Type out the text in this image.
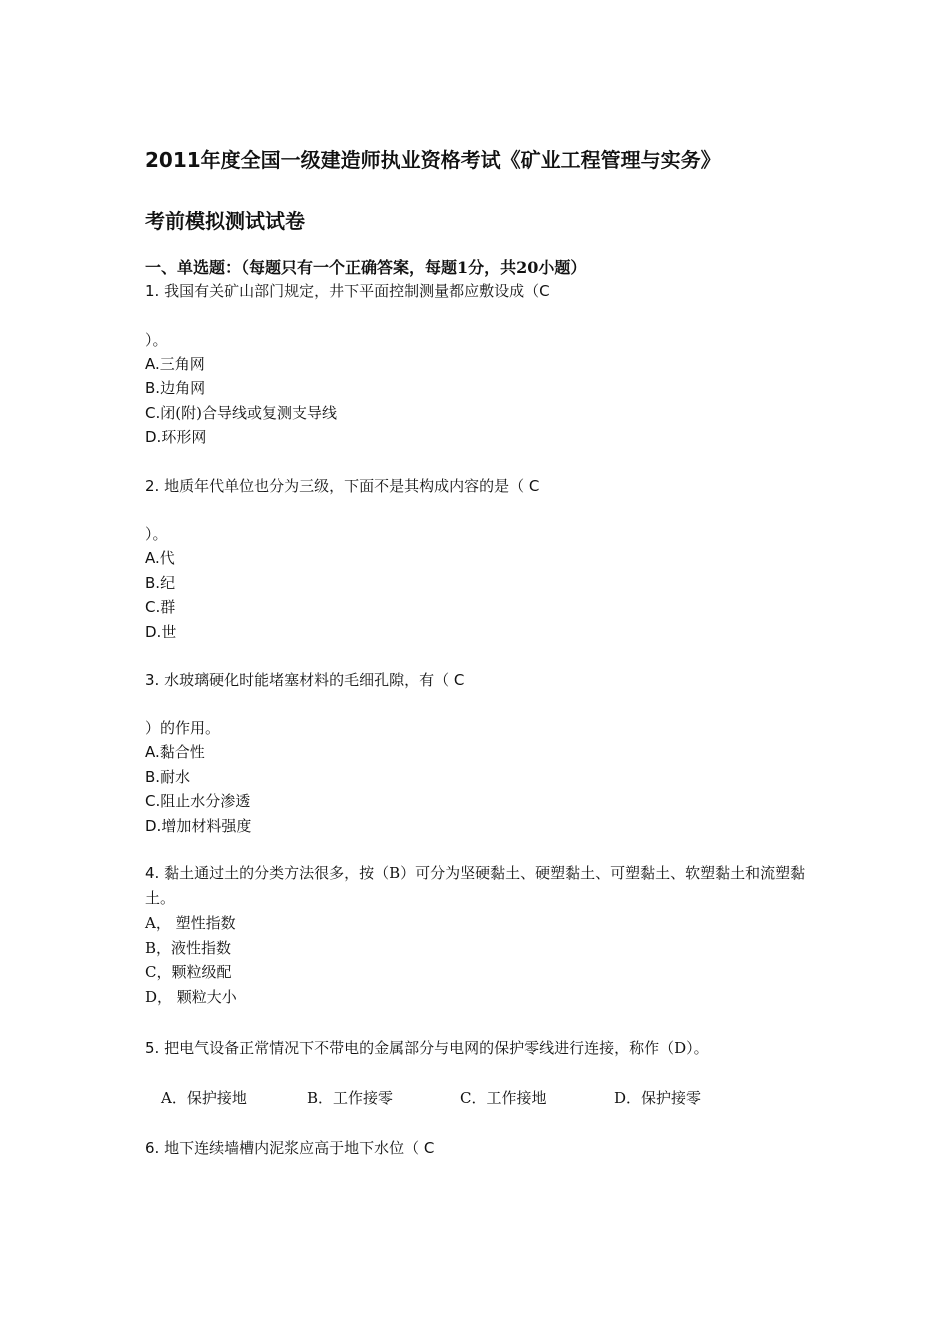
2011年度全国一级建造师执业资格考试《矿业工程管理与实务》
考前模拟测试试卷
一、单选题：（每题只有一个正确答案，每题1分，共20小题）
1. 我国有关矿山部门规定，井下平面控制测量都应敷设成（C
）。
A.三角网
B.边角网
C.闭(附)合导线或复测支导线
D.环形网
2. 地质年代单位也分为三级，下面不是其构成内容的是（ C
）。
A.代
B.纪
C.群
D.世
3. 水玻璃硬化时能堵塞材料的毛细孔隙，有（ C
）的作用。
A.黏合性
B.耐水
C.阻止水分渗透
D.增加材料强度
4. 黏土通过土的分类方法很多，按（B）可分为坚硬黏土、硬塑黏土、可塑黏土、软塑黏土和流塑黏土。
A， 塑性指数
B，液性指数
C，颗粒级配
D， 颗粒大小
5. 把电气设备正常情况下不带电的金属部分与电网的保护零线进行连接，称作（D）。
A．保护接地	B．工作接零	C．工作接地	D．保护接零
6. 地下连续墙槽内泥浆应高于地下水位（ C
